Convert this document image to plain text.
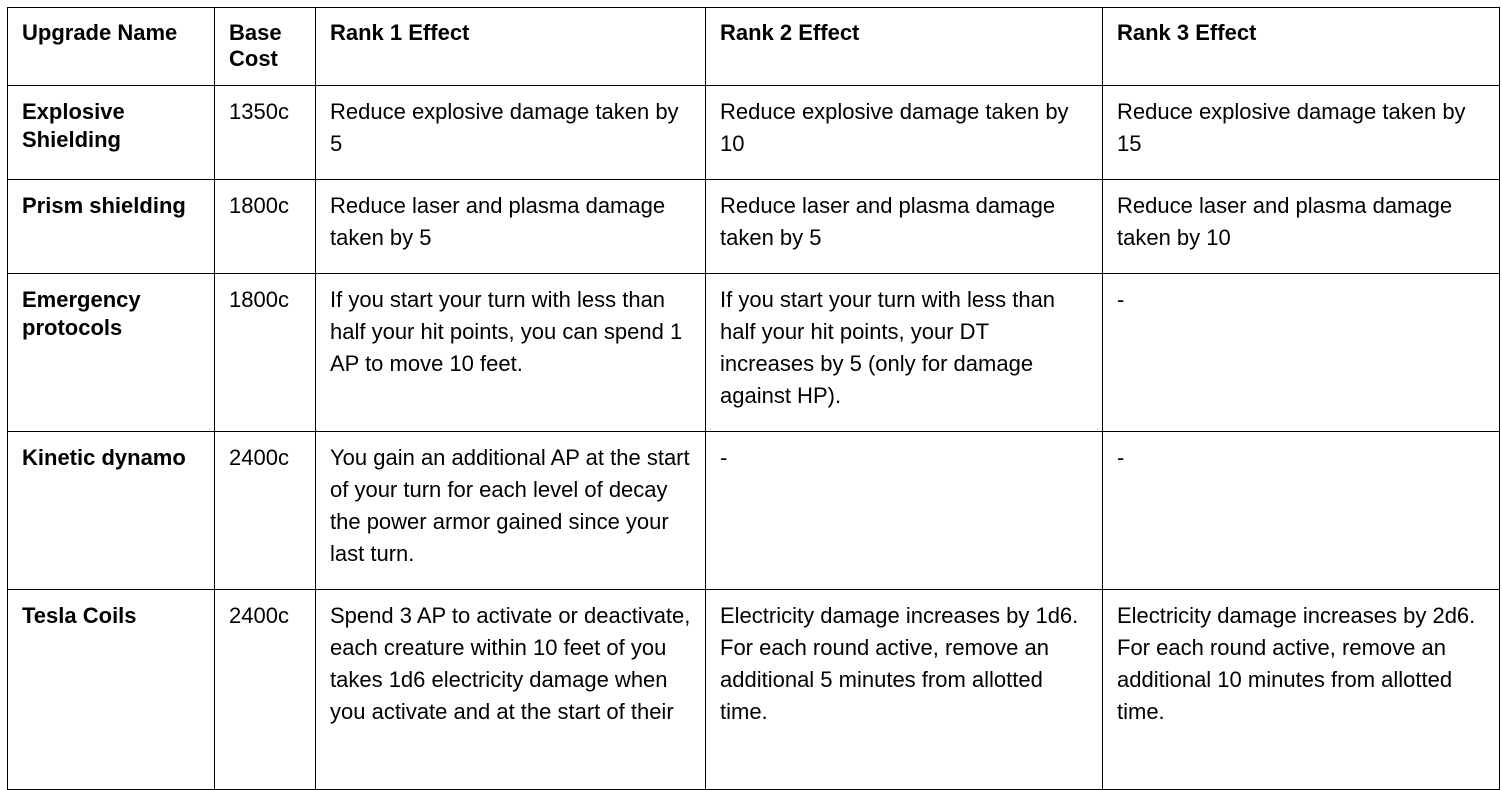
Upgrade Name	Base Cost	Rank 1 Effect	Rank 2 Effect	Rank 3 Effect
Explosive Shielding	1350c	Reduce explosive damage taken by 5	Reduce explosive damage taken by 10	Reduce explosive damage taken by 15
Prism shielding	1800c	Reduce laser and plasma damage taken by 5	Reduce laser and plasma damage taken by 5	Reduce laser and plasma damage taken by 10
Emergency protocols	1800c	If you start your turn with less than half your hit points, you can spend 1 AP to move 10 feet.	If you start your turn with less than half your hit points, your DT increases by 5 (only for damage against HP).	-
Kinetic dynamo	2400c	You gain an additional AP at the start of your turn for each level of decay the power armor gained since your last turn.	-	-
Tesla Coils	2400c	Spend 3 AP to activate or deactivate, each creature within 10 feet of you takes 1d6 electricity damage when you activate and at the start of their	Electricity damage increases by 1d6. For each round active, remove an additional 5 minutes from allotted time.	Electricity damage increases by 2d6. For each round active, remove an additional 10 minutes from allotted time.
